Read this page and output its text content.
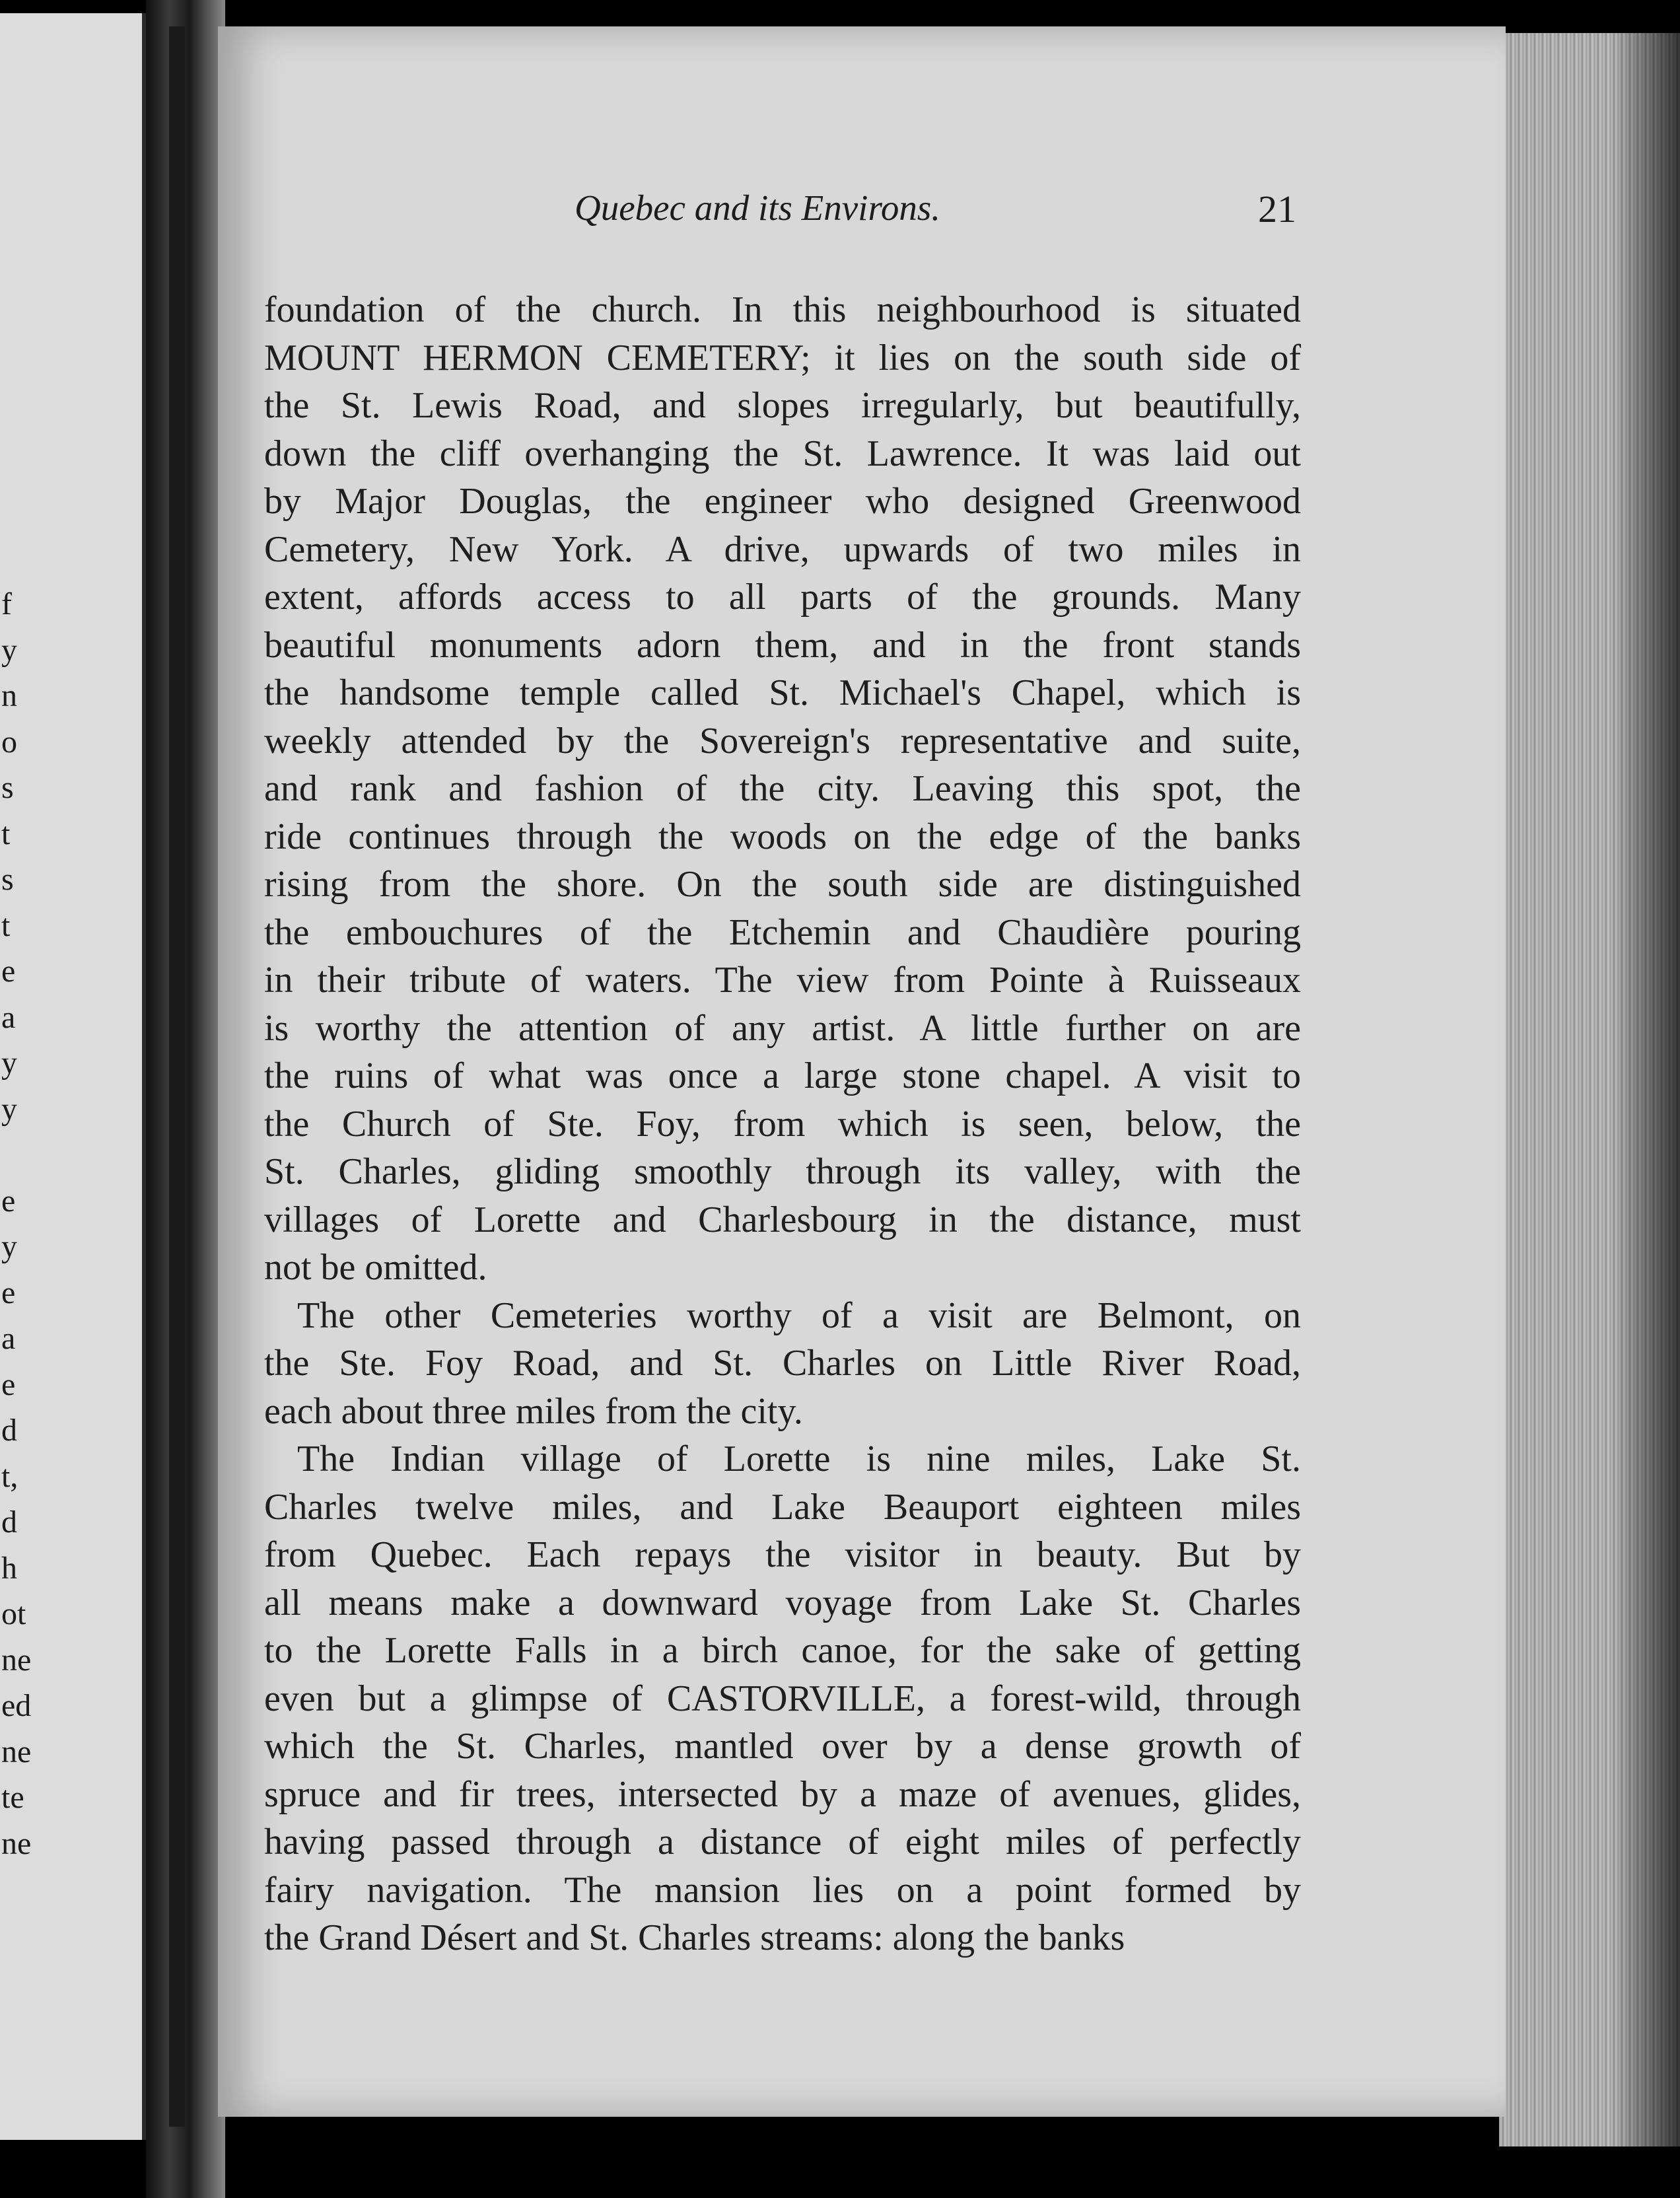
f
y
n
o
s
t
s
t
e
a
y
y
e
y
e
a
e
d
t,
d
h
ot
ne
ed
ne
te
ne
Quebec and its Environs.	21
foundation of the church. In this neighbourhood is situated
MOUNT HERMON CEMETERY; it lies on the south side of
the St. Lewis Road, and slopes irregularly, but beautifully,
down the cliff overhanging the St. Lawrence. It was laid out
by Major Douglas, the engineer who designed Greenwood
Cemetery, New York. A drive, upwards of two miles in
extent, affords access to all parts of the grounds. Many
beautiful monuments adorn them, and in the front stands
the handsome temple called St. Michael's Chapel, which is
weekly attended by the Sovereign's representative and suite,
and rank and fashion of the city. Leaving this spot, the
ride continues through the woods on the edge of the banks
rising from the shore. On the south side are distinguished
the embouchures of the Etchemin and Chaudière pouring
in their tribute of waters. The view from Pointe à Ruisseaux
is worthy the attention of any artist. A little further on are
the ruins of what was once a large stone chapel. A visit to
the Church of Ste. Foy, from which is seen, below, the
St. Charles, gliding smoothly through its valley, with the
villages of Lorette and Charlesbourg in the distance, must
not be omitted.
The other Cemeteries worthy of a visit are Belmont, on
the Ste. Foy Road, and St. Charles on Little River Road,
each about three miles from the city.
The Indian village of Lorette is nine miles, Lake St.
Charles twelve miles, and Lake Beauport eighteen miles
from Quebec. Each repays the visitor in beauty. But by
all means make a downward voyage from Lake St. Charles
to the Lorette Falls in a birch canoe, for the sake of getting
even but a glimpse of CASTORVILLE, a forest-wild, through
which the St. Charles, mantled over by a dense growth of
spruce and fir trees, intersected by a maze of avenues, glides,
having passed through a distance of eight miles of perfectly
fairy navigation. The mansion lies on a point formed by
the Grand Désert and St. Charles streams: along the banks
